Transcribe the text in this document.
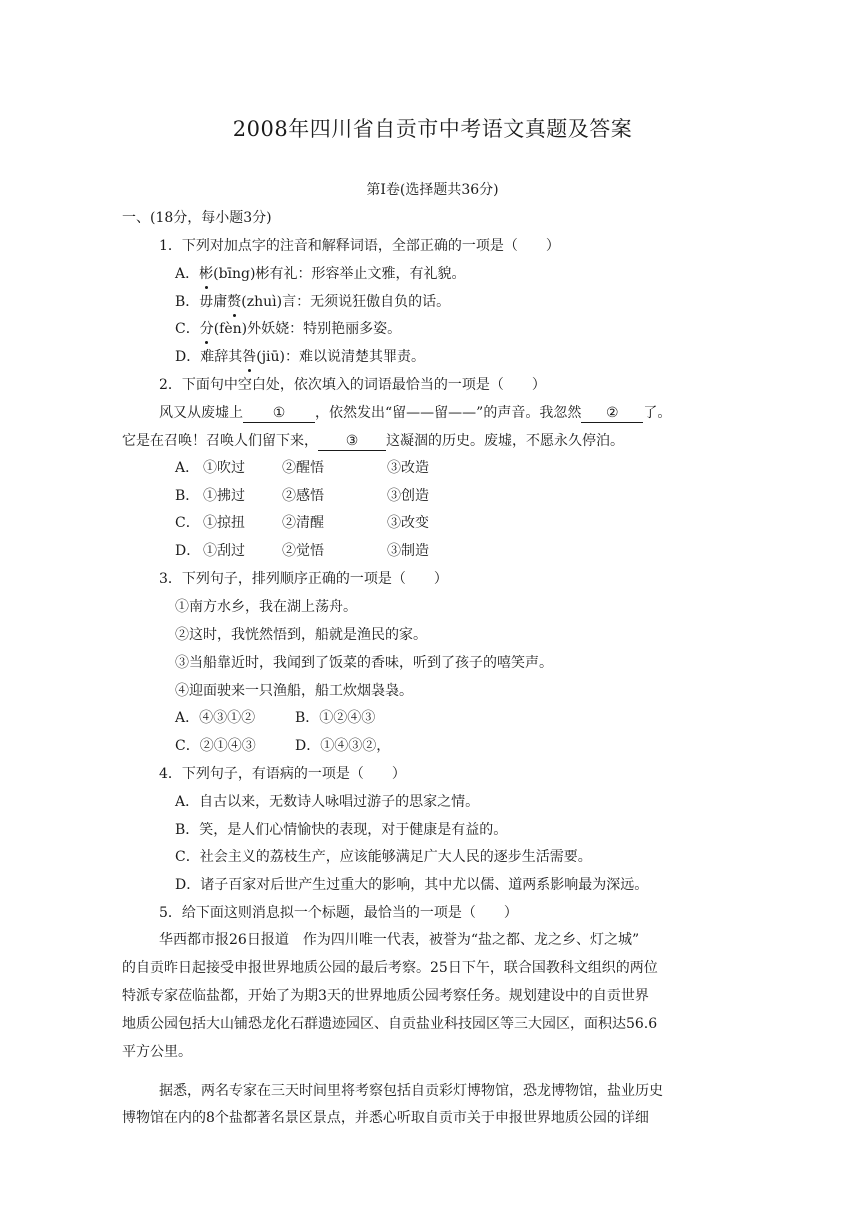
2008年四川省自贡市中考语文真题及答案
第Ⅰ卷(选择题共36分)
一、(18分，每小题3分)
1．下列对加点字的注音和解释词语，全部正确的一项是（　　）
A．彬(bīng)彬有礼：形容举止文雅，有礼貌。
B．毋庸赘(zhuì)言：无须说狂傲自负的话。
C．分(fèn)外妖娆：特别艳丽多姿。
D．难辞其咎(jiū)：难以说清楚其罪责。
2．下面句中空白处，依次填入的词语最恰当的一项是（　　）
风又从废墟上 ① ，依然发出“留——留——”的声音。我忽然 ② 了。
它是在召唤！召唤人们留下来， ③ 这凝涸的历史。废墟，不愿永久停泊。
A． ①吹过	②醒悟	③改造
B． ①拂过	②感悟	③创造
C． ①掠扭	②清醒	③改变
D． ①刮过	②觉悟	③制造
3．下列句子，排列顺序正确的一项是（　　）
①南方水乡，我在湖上荡舟。
②这时，我恍然悟到，船就是渔民的家。
③当船靠近时，我闻到了饭菜的香味，听到了孩子的嘻笑声。
④迎面驶来一只渔船，船工炊烟袅袅。
A．④③①②	B．①②④③
C．②①④③	D．①④③②，
4．下列句子，有语病的一项是（　　）
A．自古以来，无数诗人咏唱过游子的思家之情。
B．笑，是人们心情愉快的表现，对于健康是有益的。
C．社会主义的荔枝生产，应该能够满足广大人民的逐步生活需要。
D．诸子百家对后世产生过重大的影响，其中尤以儒、道两系影响最为深远。
5．给下面这则消息拟一个标题，最恰当的一项是（　　）
华西都市报26日报道　作为四川唯一代表，被誉为“盐之都、龙之乡、灯之城”
的自贡昨日起接受申报世界地质公园的最后考察。25日下午，联合国教科文组织的两位
特派专家莅临盐都，开始了为期3天的世界地质公园考察任务。规划建设中的自贡世界
地质公园包括大山铺恐龙化石群遗迹园区、自贡盐业科技园区等三大园区，面积达56.6
平方公里。
据悉，两名专家在三天时间里将考察包括自贡彩灯博物馆，恐龙博物馆，盐业历史
博物馆在内的8个盐都著名景区景点，并悉心听取自贡市关于申报世界地质公园的详细
